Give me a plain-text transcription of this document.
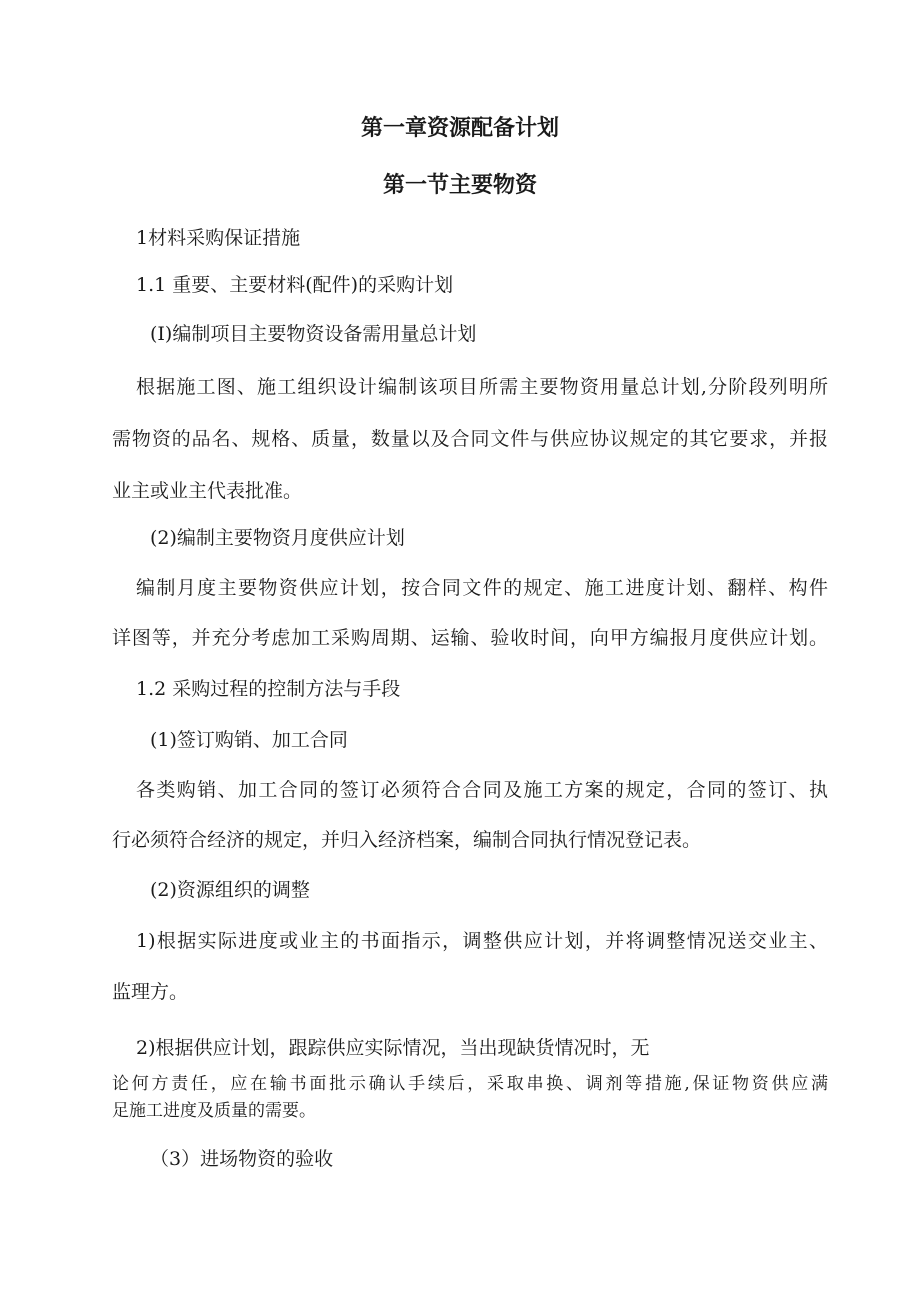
第一章资源配备计划
第一节主要物资

1材料采购保证措施

1.1 重要、主要材料(配件)的采购计划

(I)编制项目主要物资设备需用量总计划

根据施工图、施工组织设计编制该项目所需主要物资用量总计划,分阶段列明所

需物资的品名、规格、质量，数量以及合同文件与供应协议规定的其它要求，并报

业主或业主代表批准。

(2)编制主要物资月度供应计划

编制月度主要物资供应计划，按合同文件的规定、施工进度计划、翻样、构件

详图等，并充分考虑加工采购周期、运输、验收时间，向甲方编报月度供应计划。

1.2 采购过程的控制方法与手段

(1)签订购销、加工合同

各类购销、加工合同的签订必须符合合同及施工方案的规定，合同的签订、执

行必须符合经济的规定，并归入经济档案，编制合同执行情况登记表。

(2)资源组织的调整

1)根据实际进度或业主的书面指示，调整供应计划，并将调整情况送交业主、

监理方。

2)根据供应计划，跟踪供应实际情况，当出现缺货情况时，无

论何方责任，应在输书面批示确认手续后，采取串换、调剂等措施,保证物资供应满

足施工进度及质量的需要。

（3）进场物资的验收
